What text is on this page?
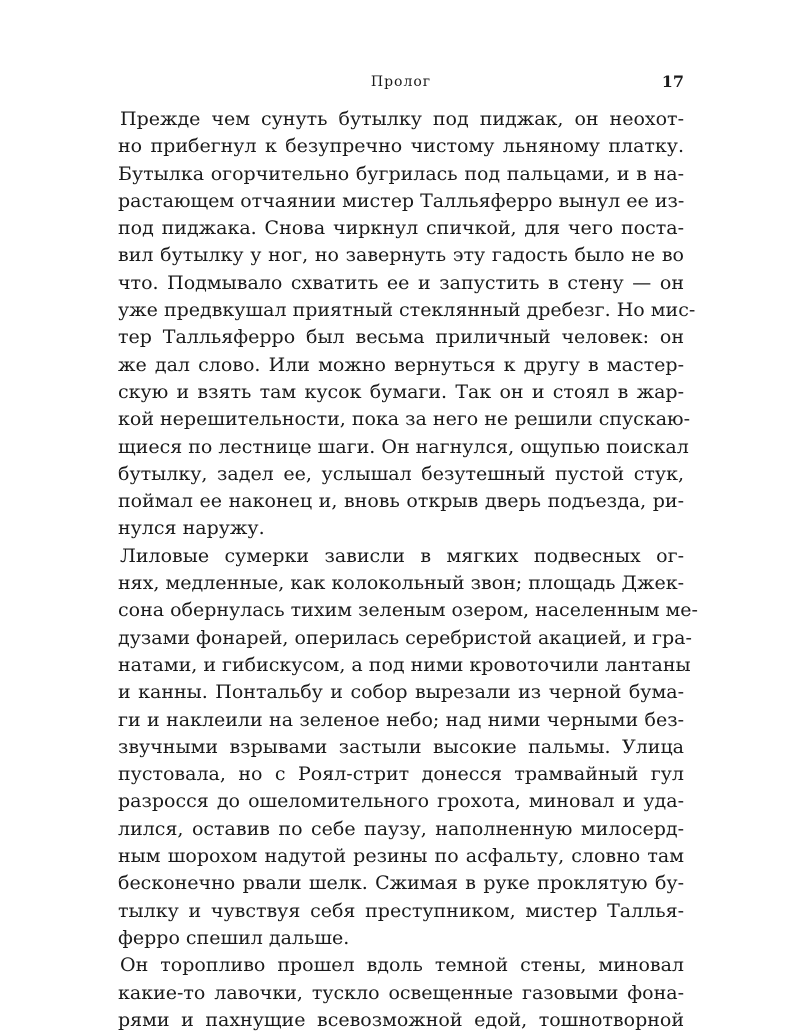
Пролог	17

Прежде чем сунуть бутылку под пиджак, он неохот-
но прибегнул к безупречно чистому льняному платку.
Бутылка огорчительно бугрилась под пальцами, и в на-
растающем отчаянии мистер Талльяферро вынул ее из-
под пиджака. Снова чиркнул спичкой, для чего поста-
вил бутылку у ног, но завернуть эту гадость было не во
что. Подмывало схватить ее и запустить в стену — он
уже предвкушал приятный стеклянный дребезг. Но мис-
тер Талльяферро был весьма приличный человек: он
же дал слово. Или можно вернуться к другу в мастер-
скую и взять там кусок бумаги. Так он и стоял в жар-
кой нерешительности, пока за него не решили спускаю-
щиеся по лестнице шаги. Он нагнулся, ощупью поискал
бутылку, задел ее, услышал безутешный пустой стук,
поймал ее наконец и, вновь открыв дверь подъезда, ри-
нулся наружу.

Лиловые сумерки зависли в мягких подвесных ог-
нях, медленные, как колокольный звон; площадь Джек-
сона обернулась тихим зеленым озером, населенным ме-
дузами фонарей, оперилась серебристой акацией, и гра-
натами, и гибискусом, а под ними кровоточили лантаны
и канны. Понтальбу и собор вырезали из черной бума-
ги и наклеили на зеленое небо; над ними черными без-
звучными взрывами застыли высокие пальмы. Улица
пустовала, но с Роял-стрит донесся трамвайный гул
разросся до ошеломительного грохота, миновал и уда-
лился, оставив по себе паузу, наполненную милосерд-
ным шорохом надутой резины по асфальту, словно там
бесконечно рвали шелк. Сжимая в руке проклятую бу-
тылку и чувствуя себя преступником, мистер Таллья-
ферро спешил дальше.

Он торопливо прошел вдоль темной стены, миновал
какие-то лавочки, тускло освещенные газовыми фона-
рями и пахнущие всевозможной едой, тошнотворной
